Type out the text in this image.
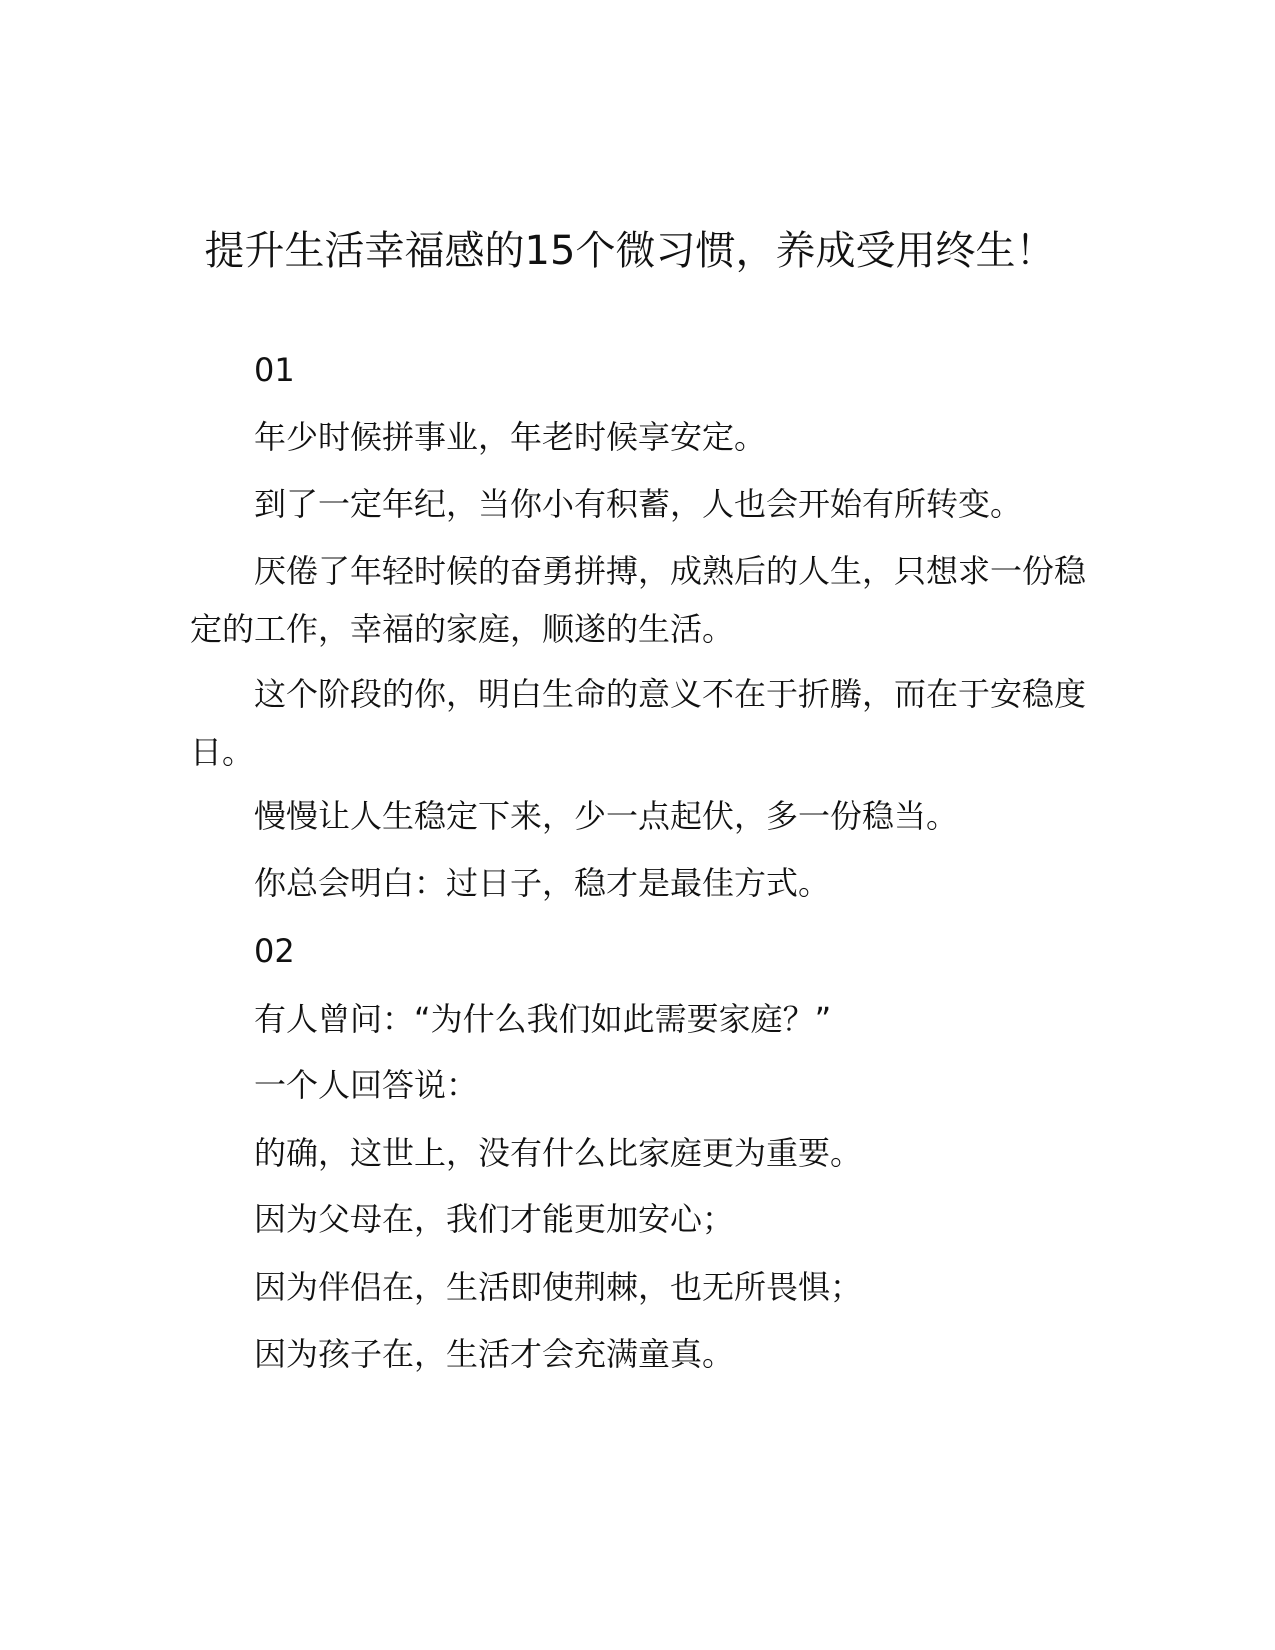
提升生活幸福感的15个微习惯，养成受用终生！

01

年少时候拼事业，年老时候享安定。

到了一定年纪，当你小有积蓄，人也会开始有所转变。

厌倦了年轻时候的奋勇拼搏，成熟后的人生，只想求一份稳定的工作，幸福的家庭，顺遂的生活。

这个阶段的你，明白生命的意义不在于折腾，而在于安稳度日。

慢慢让人生稳定下来，少一点起伏，多一份稳当。

你总会明白：过日子，稳才是最佳方式。

02

有人曾问：“为什么我们如此需要家庭？”

一个人回答说：

的确，这世上，没有什么比家庭更为重要。

因为父母在，我们才能更加安心；

因为伴侣在，生活即使荆棘，也无所畏惧；

因为孩子在，生活才会充满童真。
